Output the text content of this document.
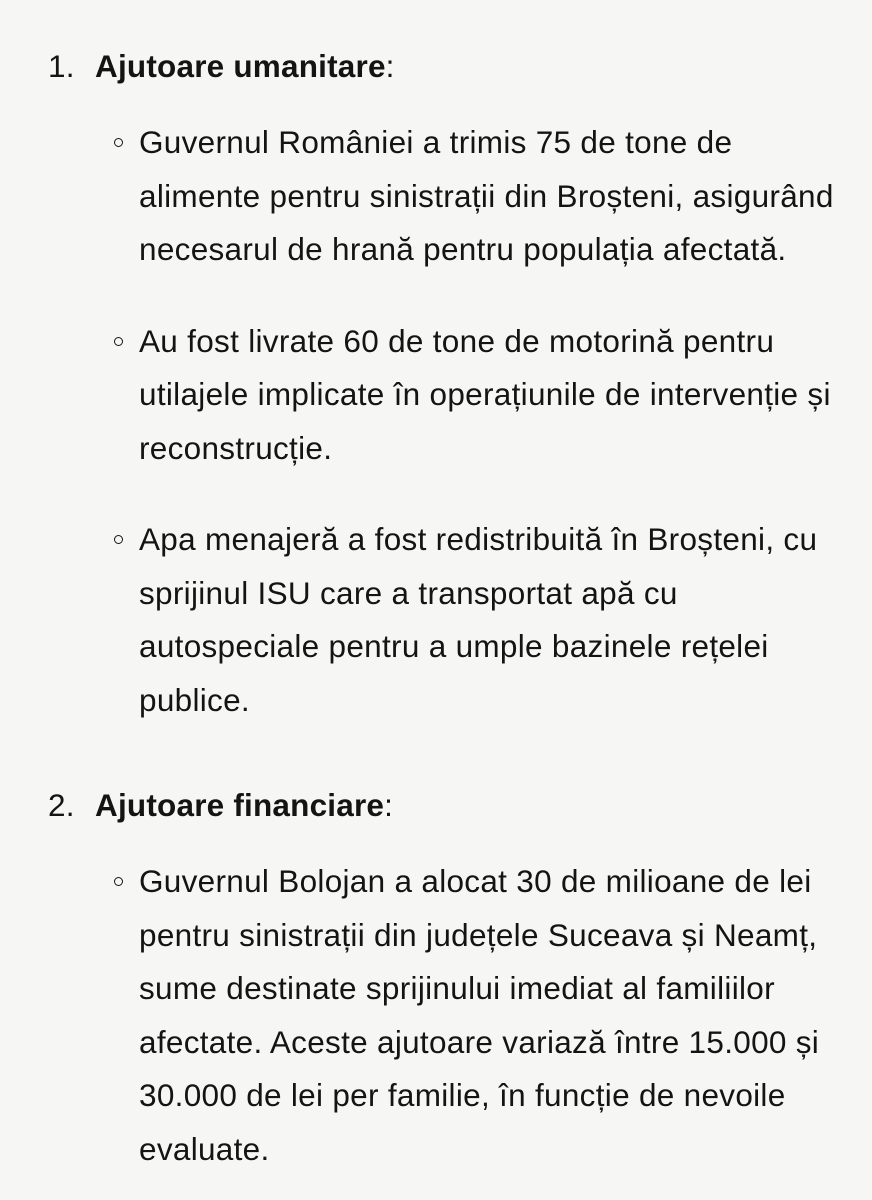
1. Ajutoare umanitare :
Guvernul României a trimis 75 de tone de alimente pentru sinistrații din Broșteni, asigurând necesarul de hrană pentru populația afectată.
Au fost livrate 60 de tone de motorină pentru utilajele implicate în operațiunile de intervenție și reconstrucție.
Apa menajeră a fost redistribuită în Broșteni, cu sprijinul ISU care a transportat apă cu autospeciale pentru a umple bazinele rețelei publice.
2. Ajutoare financiare :
Guvernul Bolojan a alocat 30 de milioane de lei pentru sinistrații din județele Suceava și Neamț, sume destinate sprijinului imediat al familiilor afectate. Aceste ajutoare variază între 15.000 și 30.000 de lei per familie, în funcție de nevoile evaluate.
